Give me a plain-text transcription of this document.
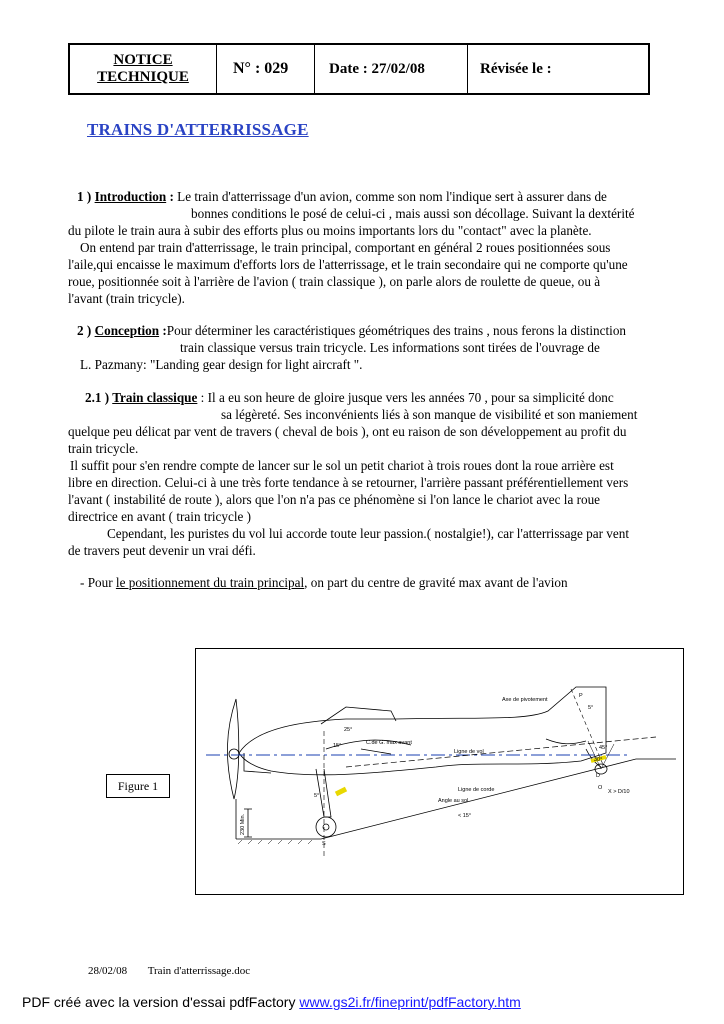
NOTICE
TECHNIQUE	N° : 029	Date : 27/02/08	Révisée le :
TRAINS D'ATTERRISSAGE
1 ) Introduction : Le train d'atterrissage d'un avion, comme son nom l'indique sert à assurer dans de
bonnes conditions le posé de celui-ci , mais aussi son décollage. Suivant la dextérité
du pilote le train aura à subir des efforts plus ou moins importants lors du "contact" avec la planète.
On entend par train d'atterrissage, le train principal, comportant en général 2 roues positionnées sous
l'aile,qui encaisse le maximum d'efforts lors de l'atterrissage, et le train secondaire qui ne comporte qu'une
roue, positionnée soit à l'arrière de l'avion ( train classique ), on parle alors de roulette de queue, ou à
l'avant (train tricycle).
2 ) Conception :Pour déterminer les caractéristiques géométriques des trains , nous ferons la distinction
train classique versus train tricycle. Les informations sont tirées de l'ouvrage de
L. Pazmany: "Landing gear design for light aircraft ".
2.1 ) Train classique : Il a eu son heure de gloire jusque vers les années 70 , pour sa simplicité donc
sa légèreté. Ses inconvénients liés à son manque de visibilité et son maniement
quelque peu délicat par vent de travers ( cheval de bois ), ont eu raison de son développement au profit du
train tricycle.
Il suffit pour s'en rendre compte de lancer sur le sol un petit chariot à trois roues dont la roue arrière est
libre en direction. Celui-ci à une très forte tendance à se retourner, l'arrière passant préférentiellement vers
l'avant ( instabilité de route ), alors que l'on n'a pas ce phénomène si l'on lance le chariot avec la roue
directrice en avant ( train tricycle )
Cependant, les puristes du vol lui accorde toute leur passion.( nostalgie!), car l'atterrissage par vent
de travers peut devenir un vrai défi.
- Pour le positionnement du train principal, on part du centre de gravité max avant de l'avion
Figure 1
Axe de pivotement
C.de G. max avant
Ligne de vol
Ligne de corde
Angle au sol
< 15°
25°
15°
5°
5°
45°
30°
P
D
O
S
X > D/10
230 Min.
28/02/08 Train d'atterrissage.doc
PDF créé avec la version d'essai pdfFactory www.gs2i.fr/fineprint/pdfFactory.htm
